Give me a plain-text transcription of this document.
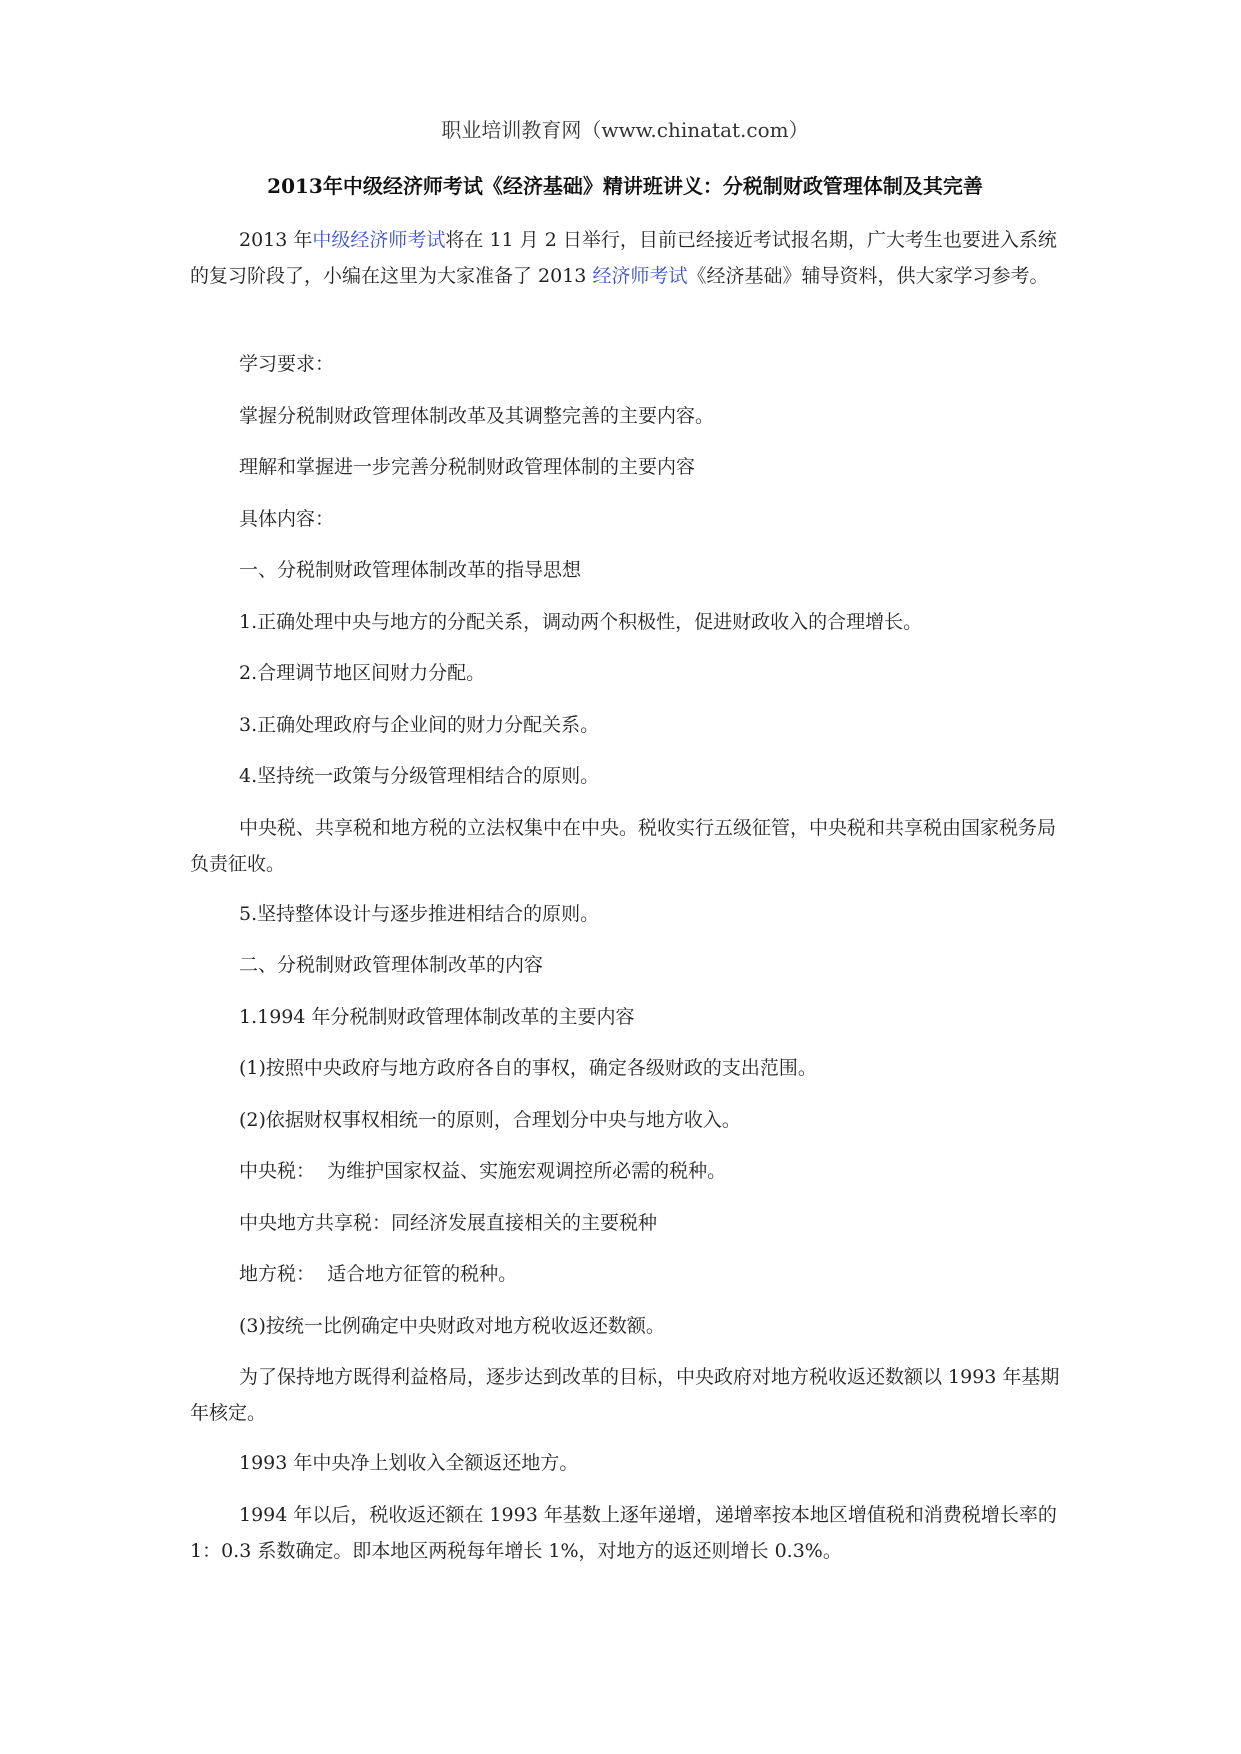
职业培训教育网（www.chinatat.com）
2013年中级经济师考试《经济基础》精讲班讲义：分税制财政管理体制及其完善
2013 年中级经济师考试将在 11 月 2 日举行，目前已经接近考试报名期，广大考生也要进入系统的复习阶段了，小编在这里为大家准备了 2013 经济师考试《经济基础》辅导资料，供大家学习参考。
学习要求：
掌握分税制财政管理体制改革及其调整完善的主要内容。
理解和掌握进一步完善分税制财政管理体制的主要内容
具体内容：
一、分税制财政管理体制改革的指导思想
1.正确处理中央与地方的分配关系，调动两个积极性，促进财政收入的合理增长。
2.合理调节地区间财力分配。
3.正确处理政府与企业间的财力分配关系。
4.坚持统一政策与分级管理相结合的原则。
中央税、共享税和地方税的立法权集中在中央。税收实行五级征管，中央税和共享税由国家税务局负责征收。
5.坚持整体设计与逐步推进相结合的原则。
二、分税制财政管理体制改革的内容
1.1994 年分税制财政管理体制改革的主要内容
(1)按照中央政府与地方政府各自的事权，确定各级财政的支出范围。
(2)依据财权事权相统一的原则，合理划分中央与地方收入。
中央税：  为维护国家权益、实施宏观调控所必需的税种。
中央地方共享税：同经济发展直接相关的主要税种
地方税：  适合地方征管的税种。
(3)按统一比例确定中央财政对地方税收返还数额。
为了保持地方既得利益格局，逐步达到改革的目标，中央政府对地方税收返还数额以 1993 年基期年核定。
1993 年中央净上划收入全额返还地方。
1994 年以后，税收返还额在 1993 年基数上逐年递增，递增率按本地区增值税和消费税增长率的 1：0.3 系数确定。即本地区两税每年增长 1%，对地方的返还则增长 0.3%。
